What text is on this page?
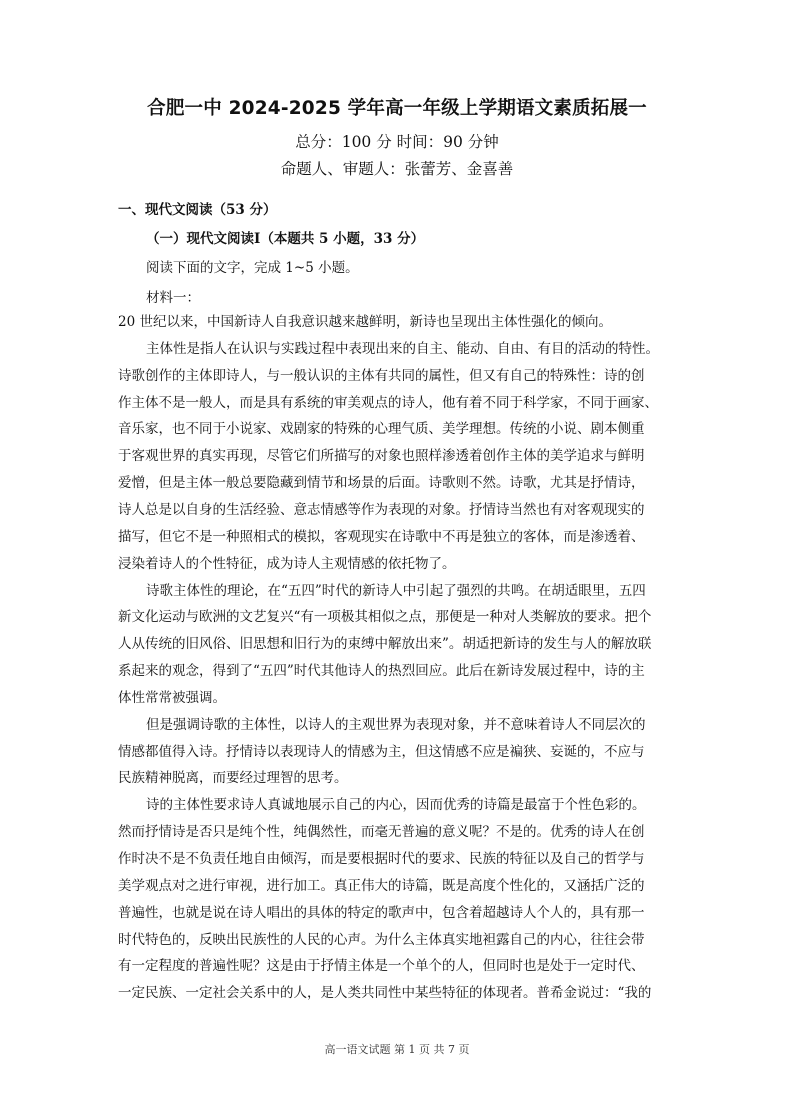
合肥一中 2024-2025 学年高一年级上学期语文素质拓展一
总分：100 分 时间：90 分钟
命题人、审题人：张蕾芳、金喜善
一、现代文阅读（53 分）
（一）现代文阅读Ⅰ（本题共 5 小题，33 分）
阅读下面的文字，完成 1~5 小题。
材料一：
20 世纪以来，中国新诗人自我意识越来越鲜明，新诗也呈现出主体性强化的倾向。
主体性是指人在认识与实践过程中表现出来的自主、能动、自由、有目的活动的特性。
诗歌创作的主体即诗人，与一般认识的主体有共同的属性，但又有自己的特殊性：诗的创
作主体不是一般人，而是具有系统的审美观点的诗人，他有着不同于科学家，不同于画家、
音乐家，也不同于小说家、戏剧家的特殊的心理气质、美学理想。传统的小说、剧本侧重
于客观世界的真实再现，尽管它们所描写的对象也照样渗透着创作主体的美学追求与鲜明
爱憎，但是主体一般总要隐藏到情节和场景的后面。诗歌则不然。诗歌，尤其是抒情诗，
诗人总是以自身的生活经验、意志情感等作为表现的对象。抒情诗当然也有对客观现实的
描写，但它不是一种照相式的模拟，客观现实在诗歌中不再是独立的客体，而是渗透着、
浸染着诗人的个性特征，成为诗人主观情感的依托物了。
诗歌主体性的理论，在“五四”时代的新诗人中引起了强烈的共鸣。在胡适眼里，五四
新文化运动与欧洲的文艺复兴“有一项极其相似之点，那便是一种对人类解放的要求。把个
人从传统的旧风俗、旧思想和旧行为的束缚中解放出来”。胡适把新诗的发生与人的解放联
系起来的观念，得到了“五四”时代其他诗人的热烈回应。此后在新诗发展过程中，诗的主
体性常常被强调。
但是强调诗歌的主体性，以诗人的主观世界为表现对象，并不意味着诗人不同层次的
情感都值得入诗。抒情诗以表现诗人的情感为主，但这情感不应是褊狭、妄诞的，不应与
民族精神脱离，而要经过理智的思考。
诗的主体性要求诗人真诚地展示自己的内心，因而优秀的诗篇是最富于个性色彩的。
然而抒情诗是否只是纯个性，纯偶然性，而毫无普遍的意义呢？不是的。优秀的诗人在创
作时决不是不负责任地自由倾泻，而是要根据时代的要求、民族的特征以及自己的哲学与
美学观点对之进行审视，进行加工。真正伟大的诗篇，既是高度个性化的，又涵括广泛的
普遍性，也就是说在诗人唱出的具体的特定的歌声中，包含着超越诗人个人的，具有那一
时代特色的，反映出民族性的人民的心声。为什么主体真实地袒露自己的内心，往往会带
有一定程度的普遍性呢？这是由于抒情主体是一个单个的人，但同时也是处于一定时代、
一定民族、一定社会关系中的人，是人类共同性中某些特征的体现者。普希金说过：“我的
高一语文试题 第 1 页 共 7 页
